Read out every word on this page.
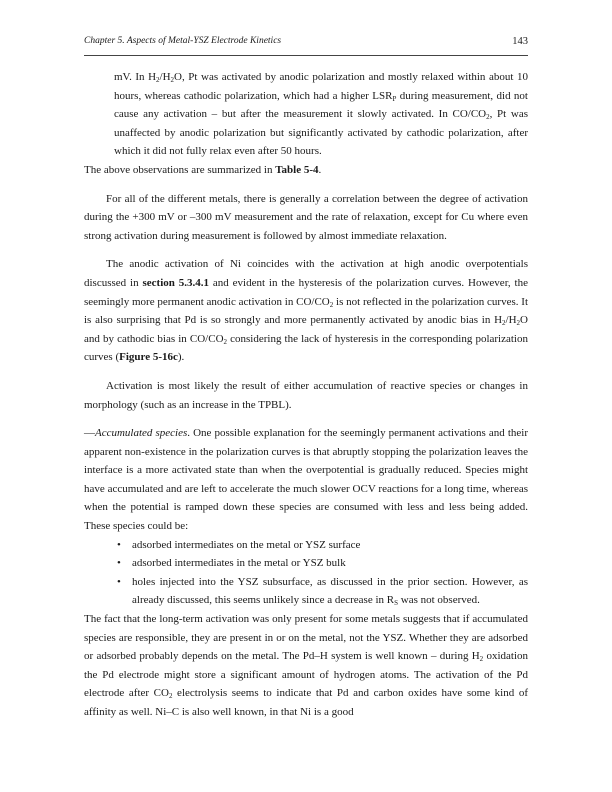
Chapter 5. Aspects of Metal-YSZ Electrode Kinetics	143

mV. In $H_2/H_2O$, Pt was activated by anodic polarization and mostly relaxed within about 10 hours, whereas cathodic polarization, which had a higher $LSR_P$ during measurement, did not cause any activation – but after the measurement it slowly activated. In $CO/CO_2$, Pt was unaffected by anodic polarization but significantly activated by cathodic polarization, after which it did not fully relax even after 50 hours.

The above observations are summarized in Table 5-4.

For all of the different metals, there is generally a correlation between the degree of activation during the +300 mV or –300 mV measurement and the rate of relaxation, except for Cu where even strong activation during measurement is followed by almost immediate relaxation.

The anodic activation of Ni coincides with the activation at high anodic overpotentials discussed in section 5.3.4.1 and evident in the hysteresis of the polarization curves. However, the seemingly more permanent anodic activation in $CO/CO_2$ is not reflected in the polarization curves. It is also surprising that Pd is so strongly and more permanently activated by anodic bias in $H_2/H_2O$ and by cathodic bias in $CO/CO_2$ considering the lack of hysteresis in the corresponding polarization curves (Figure 5-16c).

Activation is most likely the result of either accumulation of reactive species or changes in morphology (such as an increase in the TPBL).

—Accumulated species. One possible explanation for the seemingly permanent activations and their apparent non-existence in the polarization curves is that abruptly stopping the polarization leaves the interface is a more activated state than when the overpotential is gradually reduced. Species might have accumulated and are left to accelerate the much slower OCV reactions for a long time, whereas when the potential is ramped down these species are consumed with less and less being added. These species could be:

• adsorbed intermediates on the metal or YSZ surface
• adsorbed intermediates in the metal or YSZ bulk
• holes injected into the YSZ subsurface, as discussed in the prior section. However, as already discussed, this seems unlikely since a decrease in $R_S$ was not observed.

The fact that the long-term activation was only present for some metals suggests that if accumulated species are responsible, they are present in or on the metal, not the YSZ. Whether they are adsorbed or adsorbed probably depends on the metal. The Pd–H system is well known – during $H_2$ oxidation the Pd electrode might store a significant amount of hydrogen atoms. The activation of the Pd electrode after $CO_2$ electrolysis seems to indicate that Pd and carbon oxides have some kind of affinity as well. Ni–C is also well known, in that Ni is a good
